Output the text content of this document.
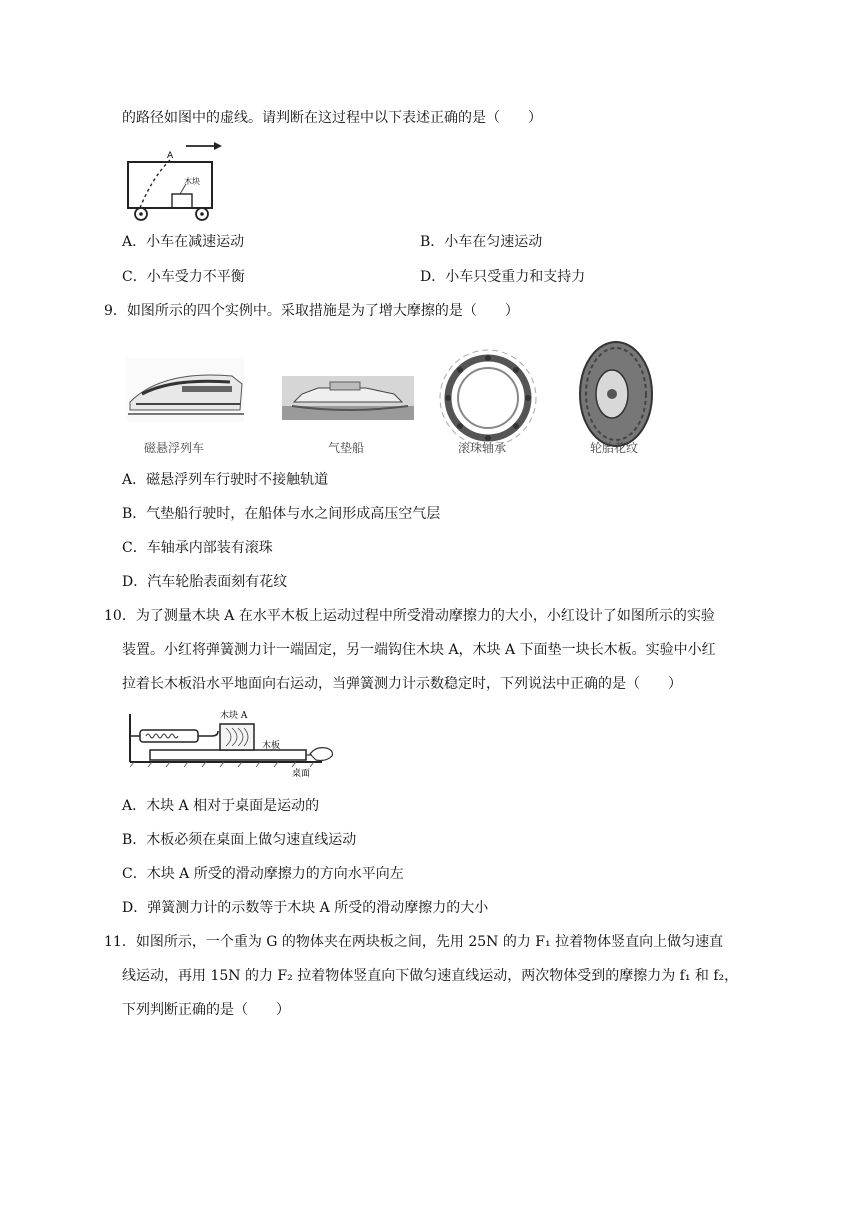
的路径如图中的虚线。请判断在这过程中以下表述正确的是（　　）
A
木块
A．小车在减速运动	B．小车在匀速运动
C．小车受力不平衡	D．小车只受重力和支持力
9．如图所示的四个实例中。采取措施是为了增大摩擦的是（　　）
磁悬浮列车	气垫船	滚珠轴承	轮胎花纹
A．磁悬浮列车行驶时不接触轨道
B．气垫船行驶时，在船体与水之间形成高压空气层
C．车轴承内部装有滚珠
D．汽车轮胎表面刻有花纹
10．为了测量木块 A 在水平木板上运动过程中所受滑动摩擦力的大小，小红设计了如图所示的实验
装置。小红将弹簧测力计一端固定，另一端钩住木块 A，木块 A 下面垫一块长木板。实验中小红
拉着长木板沿水平地面向右运动，当弹簧测力计示数稳定时，下列说法中正确的是（　　）
木块 A
木板
桌面
A．木块 A 相对于桌面是运动的
B．木板必须在桌面上做匀速直线运动
C．木块 A 所受的滑动摩擦力的方向水平向左
D．弹簧测力计的示数等于木块 A 所受的滑动摩擦力的大小
11．如图所示，一个重为 G 的物体夹在两块板之间，先用 25N 的力 F₁ 拉着物体竖直向上做匀速直
线运动，再用 15N 的力 F₂ 拉着物体竖直向下做匀速直线运动，两次物体受到的摩擦力为 f₁ 和 f₂，
下列判断正确的是（　　）
